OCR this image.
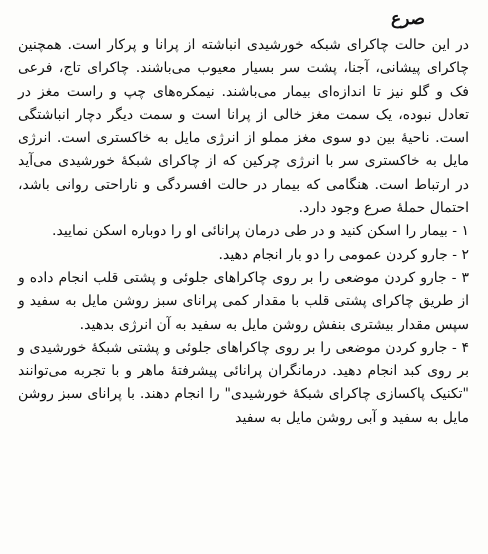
صرع

در این حالت چاکرای شبکه خورشیدی انباشته از پرانا و پرکار است. همچنین چاکرای پیشانی، آجنا، پشت سر بسیار معیوب می‌باشند. چاکرای تاج، فرعی فک و گلو نیز تا اندازه‌ای بیمار می‌باشند. نیمکره‌های چپ و راست مغز در تعادل نبوده، یک سمت مغز خالی از پرانا است و سمت دیگر دچار انباشتگی است. ناحیهٔ بین دو سوی مغز مملو از انرژی مایل به خاکستری است. انرژی مایل به خاکستری سر با انرژی چرکین که از چاکرای شبکهٔ خورشیدی می‌آید در ارتباط است. هنگامی که بیمار در حالت افسردگی و ناراحتی روانی باشد، احتمال حملهٔ صرع وجود دارد.

۱ - بیمار را اسکن کنید و در طی درمان پرانائی او را دوباره اسکن نمایید.

۲ - جارو کردن عمومی را دو بار انجام دهید.

۳ - جارو کردن موضعی را بر روی چاکراهای جلوئی و پشتی قلب انجام داده و از طریق چاکرای پشتی قلب با مقدار کمی پرانای سبز روشن مایل به سفید و سپس مقدار بیشتری بنفش روشن مایل به سفید به آن انرژی بدهید.

۴ - جارو کردن موضعی را بر روی چاکراهای جلوئی و پشتی شبکهٔ خورشیدی و بر روی کبد انجام دهید. درمانگران پرانائی پیشرفتهٔ ماهر و با تجربه می‌توانند "تکنیک پاکسازی چاکرای شبکهٔ خورشیدی" را انجام دهند. با پرانای سبز روشن مایل به سفید و آبی روشن مایل به سفید
